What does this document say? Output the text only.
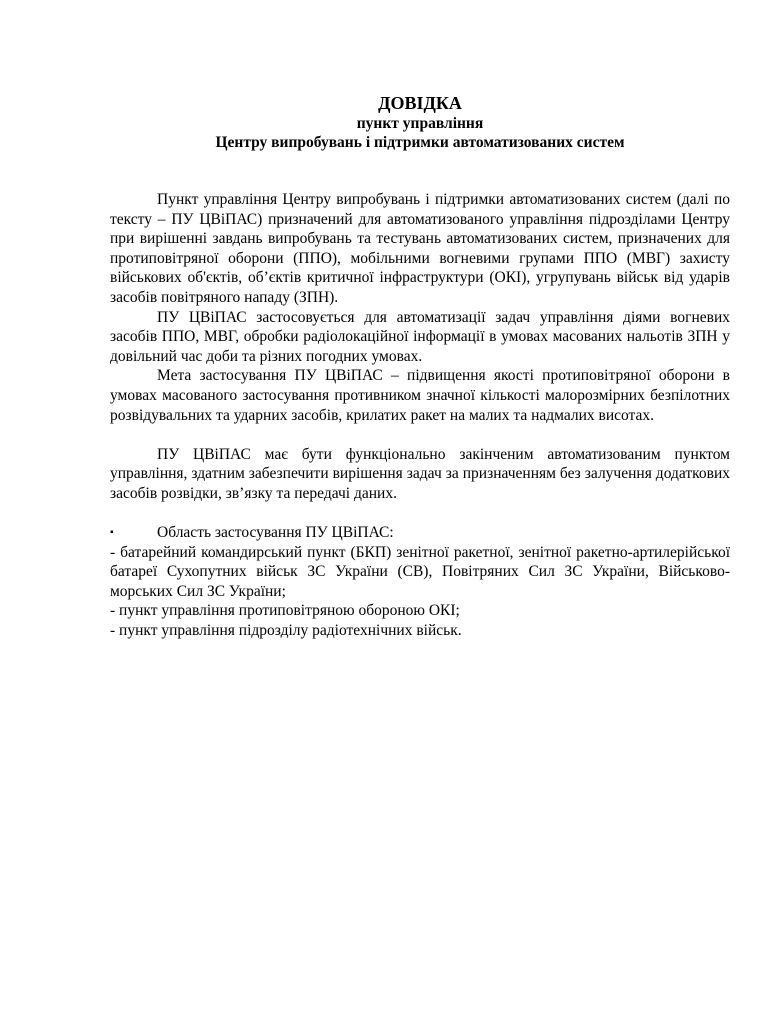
ДОВІДКА

пункт управління

Центру випробувань і підтримки автоматизованих систем

Пункт управління Центру випробувань і підтримки автоматизованих систем (далі по тексту – ПУ ЦВіПАС) призначений для автоматизованого управління підрозділами Центру при вирішенні завдань випробувань та тестувань автоматизованих систем, призначених для протиповітряної оборони (ППО), мобільними вогневими групами ППО (МВГ) захисту військових об'єктів, об’єктів критичної інфраструктури (ОКІ), угрупувань військ від ударів засобів повітряного нападу (ЗПН).

ПУ ЦВіПАС застосовується для автоматизації задач управління діями вогневих засобів ППО, МВГ, обробки радіолокаційної інформації в умовах масованих нальотів ЗПН у довільний час доби та різних погодних умовах.

Мета застосування ПУ ЦВіПАС – підвищення якості протиповітряної оборони в умовах масованого застосування противником значної кількості малорозмірних безпілотних розвідувальних та ударних засобів, крилатих ракет на малих та надмалих висотах.

ПУ ЦВіПАС має бути функціонально закінченим автоматизованим пунктом управління, здатним забезпечити вирішення задач за призначенням без залучення додаткових засобів розвідки, зв’язку та передачі даних.

▪	Область застосування ПУ ЦВіПАС:

- батарейний командирський пункт (БКП) зенітної ракетної, зенітної ракетно-артилерійської батареї Сухопутних військ ЗС України (СВ), Повітряних Сил ЗС України, Військово-морських Сил ЗС України;

- пункт управління протиповітряною обороною ОКІ;

- пункт управління підрозділу радіотехнічних військ.
